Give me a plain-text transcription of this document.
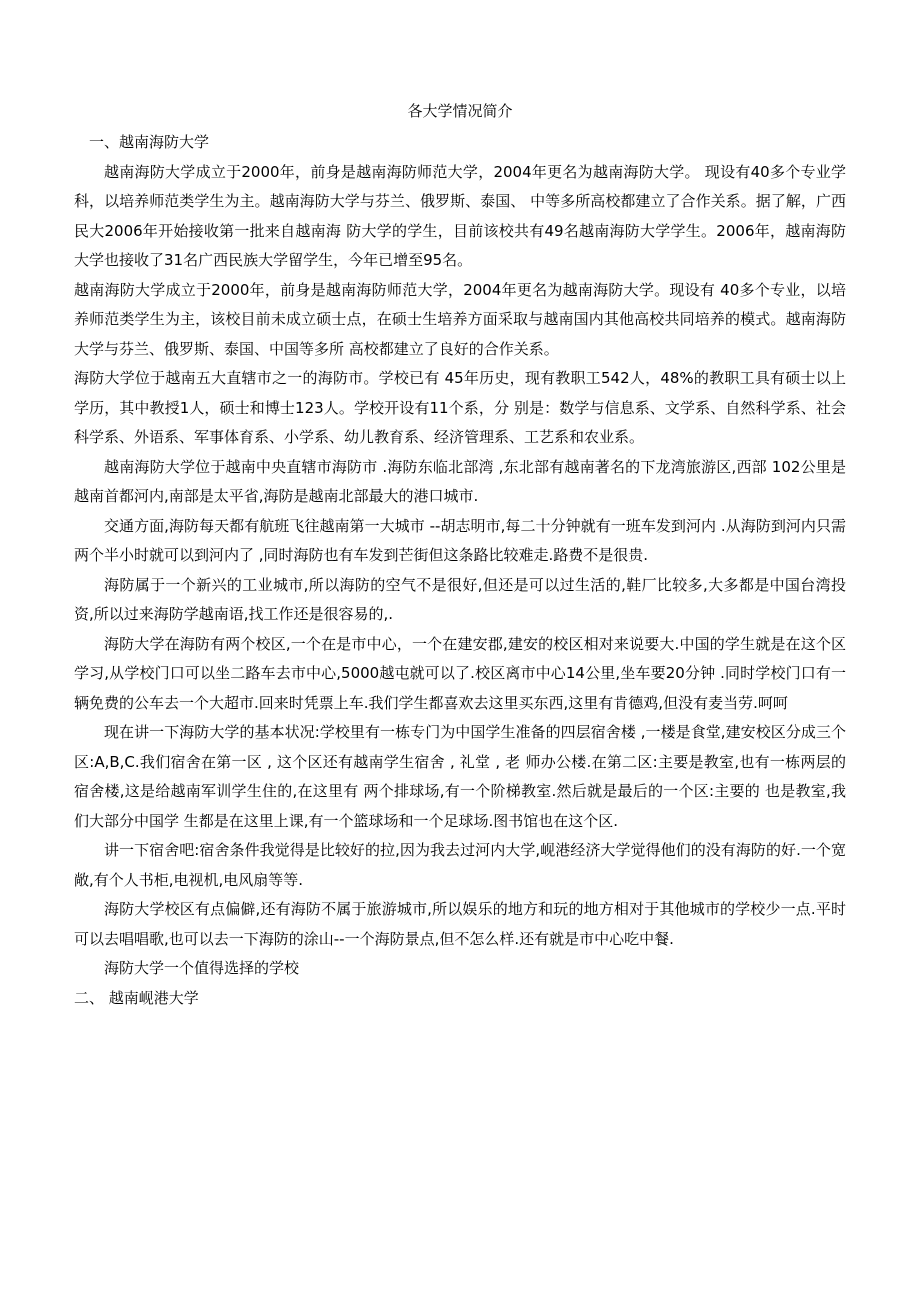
各大学情况简介

一、越南海防大学

越南海防大学成立于2000年，前身是越南海防师范大学，2004年更名为越南海防大学。 现设有40多个专业学科，以培养师范类学生为主。越南海防大学与芬兰、俄罗斯、泰国、 中等多所高校都建立了合作关系。据了解，广西民大2006年开始接收第一批来自越南海 防大学的学生，目前该校共有49名越南海防大学学生。2006年，越南海防大学也接收了31名广西民族大学留学生，今年已增至95名。

越南海防大学成立于2000年，前身是越南海防师范大学，2004年更名为越南海防大学。现设有 40多个专业，以培养师范类学生为主，该校目前未成立硕士点，在硕士生培养方面采取与越南国内其他高校共同培养的模式。越南海防大学与芬兰、俄罗斯、泰国、中国等多所 高校都建立了良好的合作关系。

海防大学位于越南五大直辖市之一的海防市。学校已有 45年历史，现有教职工542人，48%的教职工具有硕士以上学历，其中教授1人，硕士和博士123人。学校开设有11个系，分 别是：数学与信息系、文学系、自然科学系、社会科学系、外语系、军事体育系、小学系、幼儿教育系、经济管理系、工艺系和农业系。

越南海防大学位于越南中央直辖市海防市 .海防东临北部湾 ,东北部有越南著名的下龙湾旅游区,西部 102公里是越南首都河内,南部是太平省,海防是越南北部最大的港口城市.

交通方面,海防每天都有航班飞往越南第一大城市 --胡志明市,每二十分钟就有一班车发到河内 .从海防到河内只需两个半小时就可以到河内了 ,同时海防也有车发到芒街但这条路比较难走.路费不是很贵.

海防属于一个新兴的工业城市,所以海防的空气不是很好,但还是可以过生活的,鞋厂比较多,大多都是中国台湾投资,所以过来海防学越南语,找工作还是很容易的,.

海防大学在海防有两个校区,一个在是市中心，一个在建安郡,建安的校区相对来说要大.中国的学生就是在这个区学习,从学校门口可以坐二路车去市中心,5000越屯就可以了.校区离市中心14公里,坐车要20分钟 .同时学校门口有一辆免费的公车去一个大超市.回来时凭票上车.我们学生都喜欢去这里买东西,这里有肯德鸡,但没有麦当劳.呵呵

现在讲一下海防大学的基本状况:学校里有一栋专门为中国学生准备的四层宿舍楼 ,一楼是食堂,建安校区分成三个区:A,B,C.我们宿舍在第一区 , 这个区还有越南学生宿舍 , 礼堂 , 老 师办公楼.在第二区:主要是教室,也有一栋两层的宿舍楼,这是给越南军训学生住的,在这里有 两个排球场,有一个阶梯教室.然后就是最后的一个区:主要的 也是教室,我们大部分中国学 生都是在这里上课,有一个篮球场和一个足球场.图书馆也在这个区.

讲一下宿舍吧:宿舍条件我觉得是比较好的拉,因为我去过河内大学,岘港经济大学觉得他们的没有海防的好.一个宽敞,有个人书柜,电视机,电风扇等等.

海防大学校区有点偏僻,还有海防不属于旅游城市,所以娱乐的地方和玩的地方相对于其他城市的学校少一点.平时可以去唱唱歌,也可以去一下海防的涂山--一个海防景点,但不怎么样.还有就是市中心吃中餐.

海防大学一个值得选择的学校

二、 越南岘港大学
